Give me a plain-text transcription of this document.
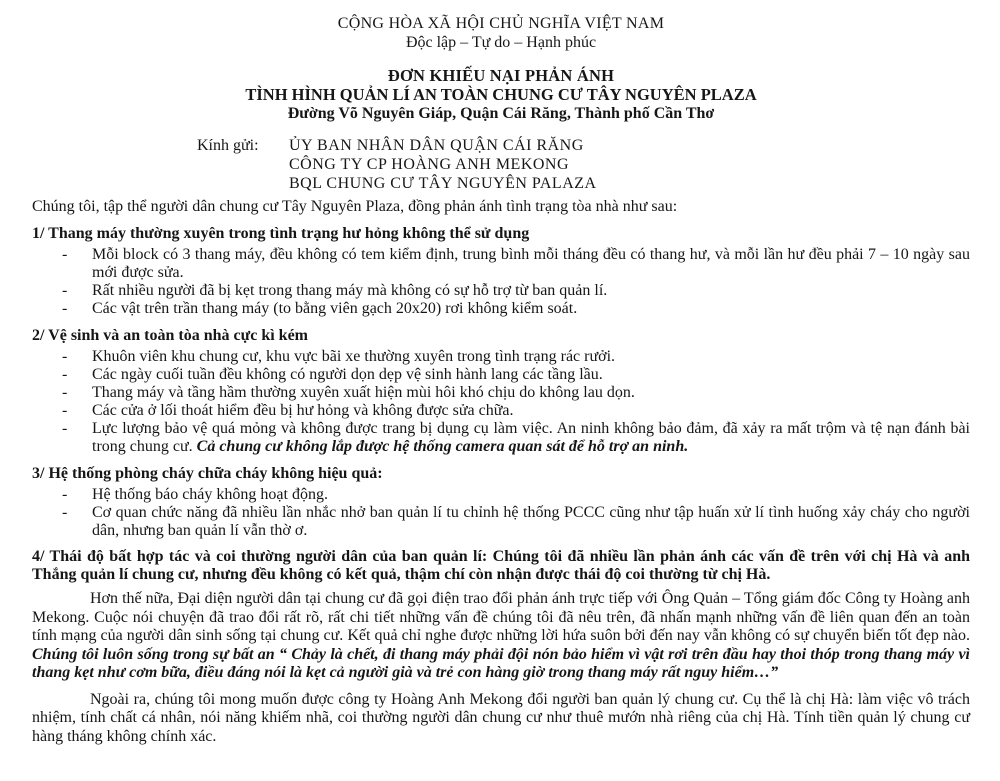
CỘNG HÒA XÃ HỘI CHỦ NGHĨA VIỆT NAM
Độc lập – Tự do – Hạnh phúc
ĐƠN KHIẾU NẠI PHẢN ÁNH
TÌNH HÌNH QUẢN LÍ AN TOÀN CHUNG CƯ TÂY NGUYÊN PLAZA
Đường Võ Nguyên Giáp, Quận Cái Răng, Thành phố Cần Thơ
Kính gửi:	ỦY BAN NHÂN DÂN QUẬN CÁI RĂNG
CÔNG TY CP HOÀNG ANH MEKONG
BQL CHUNG CƯ TÂY NGUYÊN PALAZA

Chúng tôi, tập thể người dân chung cư Tây Nguyên Plaza, đồng phản ánh tình trạng tòa nhà như sau:

1/ Thang máy thường xuyên trong tình trạng hư hỏng không thể sử dụng
- Mỗi block có 3 thang máy, đều không có tem kiểm định, trung bình mỗi tháng đều có thang hư, và mỗi lần hư đều phải 7 – 10 ngày sau mới được sửa.
- Rất nhiều người đã bị kẹt trong thang máy mà không có sự hỗ trợ từ ban quản lí.
- Các vật trên trần thang máy (to bằng viên gạch 20x20) rơi không kiểm soát.
2/ Vệ sinh và an toàn tòa nhà cực kì kém
- Khuôn viên khu chung cư, khu vực bãi xe thường xuyên trong tình trạng rác rưởi.
- Các ngày cuối tuần đều không có người dọn dẹp vệ sinh hành lang các tầng lầu.
- Thang máy và tầng hầm thường xuyên xuất hiện mùi hôi khó chịu do không lau dọn.
- Các cửa ở lối thoát hiểm đều bị hư hỏng và không được sửa chữa.
- Lực lượng bảo vệ quá mỏng và không được trang bị dụng cụ làm việc. An ninh không bảo đảm, đã xảy ra mất trộm và tệ nạn đánh bài trong chung cư. Cả chung cư không lắp được hệ thống camera quan sát để hỗ trợ an ninh.
3/ Hệ thống phòng cháy chữa cháy không hiệu quả:
- Hệ thống báo cháy không hoạt động.
- Cơ quan chức năng đã nhiều lần nhắc nhở ban quản lí tu chỉnh hệ thống PCCC cũng như tập huấn xử lí tình huống xảy cháy cho người dân, nhưng ban quản lí vẫn thờ ơ.
4/ Thái độ bất hợp tác và coi thường người dân của ban quản lí: Chúng tôi đã nhiều lần phản ánh các vấn đề trên với chị Hà và anh Thắng quản lí chung cư, nhưng đều không có kết quả, thậm chí còn nhận được thái độ coi thường từ chị Hà.

Hơn thế nữa, Đại diện người dân tại chung cư đã gọi điện trao đổi phản ánh trực tiếp với Ông Quản – Tổng giám đốc Công ty Hoàng anh Mekong. Cuộc nói chuyện đã trao đổi rất rõ, rất chi tiết những vấn đề chúng tôi đã nêu trên, đã nhấn mạnh những vấn đề liên quan đến an toàn tính mạng của người dân sinh sống tại chung cư. Kết quả chỉ nghe được những lời hứa suôn bởi đến nay vẫn không có sự chuyển biến tốt đẹp nào. Chúng tôi luôn sống trong sự bất an “ Chảy là chết, đi thang máy phải đội nón bảo hiểm vì vật rơi trên đầu hay thoi thóp trong thang máy vì thang kẹt như cơm bữa, điều đáng nói là kẹt cả người già và trẻ con hàng giờ trong thang máy rất nguy hiểm…”

Ngoài ra, chúng tôi mong muốn được công ty Hoàng Anh Mekong đổi người ban quản lý chung cư. Cụ thể là chị Hà: làm việc vô trách nhiệm, tính chất cá nhân, nói năng khiếm nhã, coi thường người dân chung cư như thuê mướn nhà riêng của chị Hà. Tính tiền quản lý chung cư hàng tháng không chính xác.
